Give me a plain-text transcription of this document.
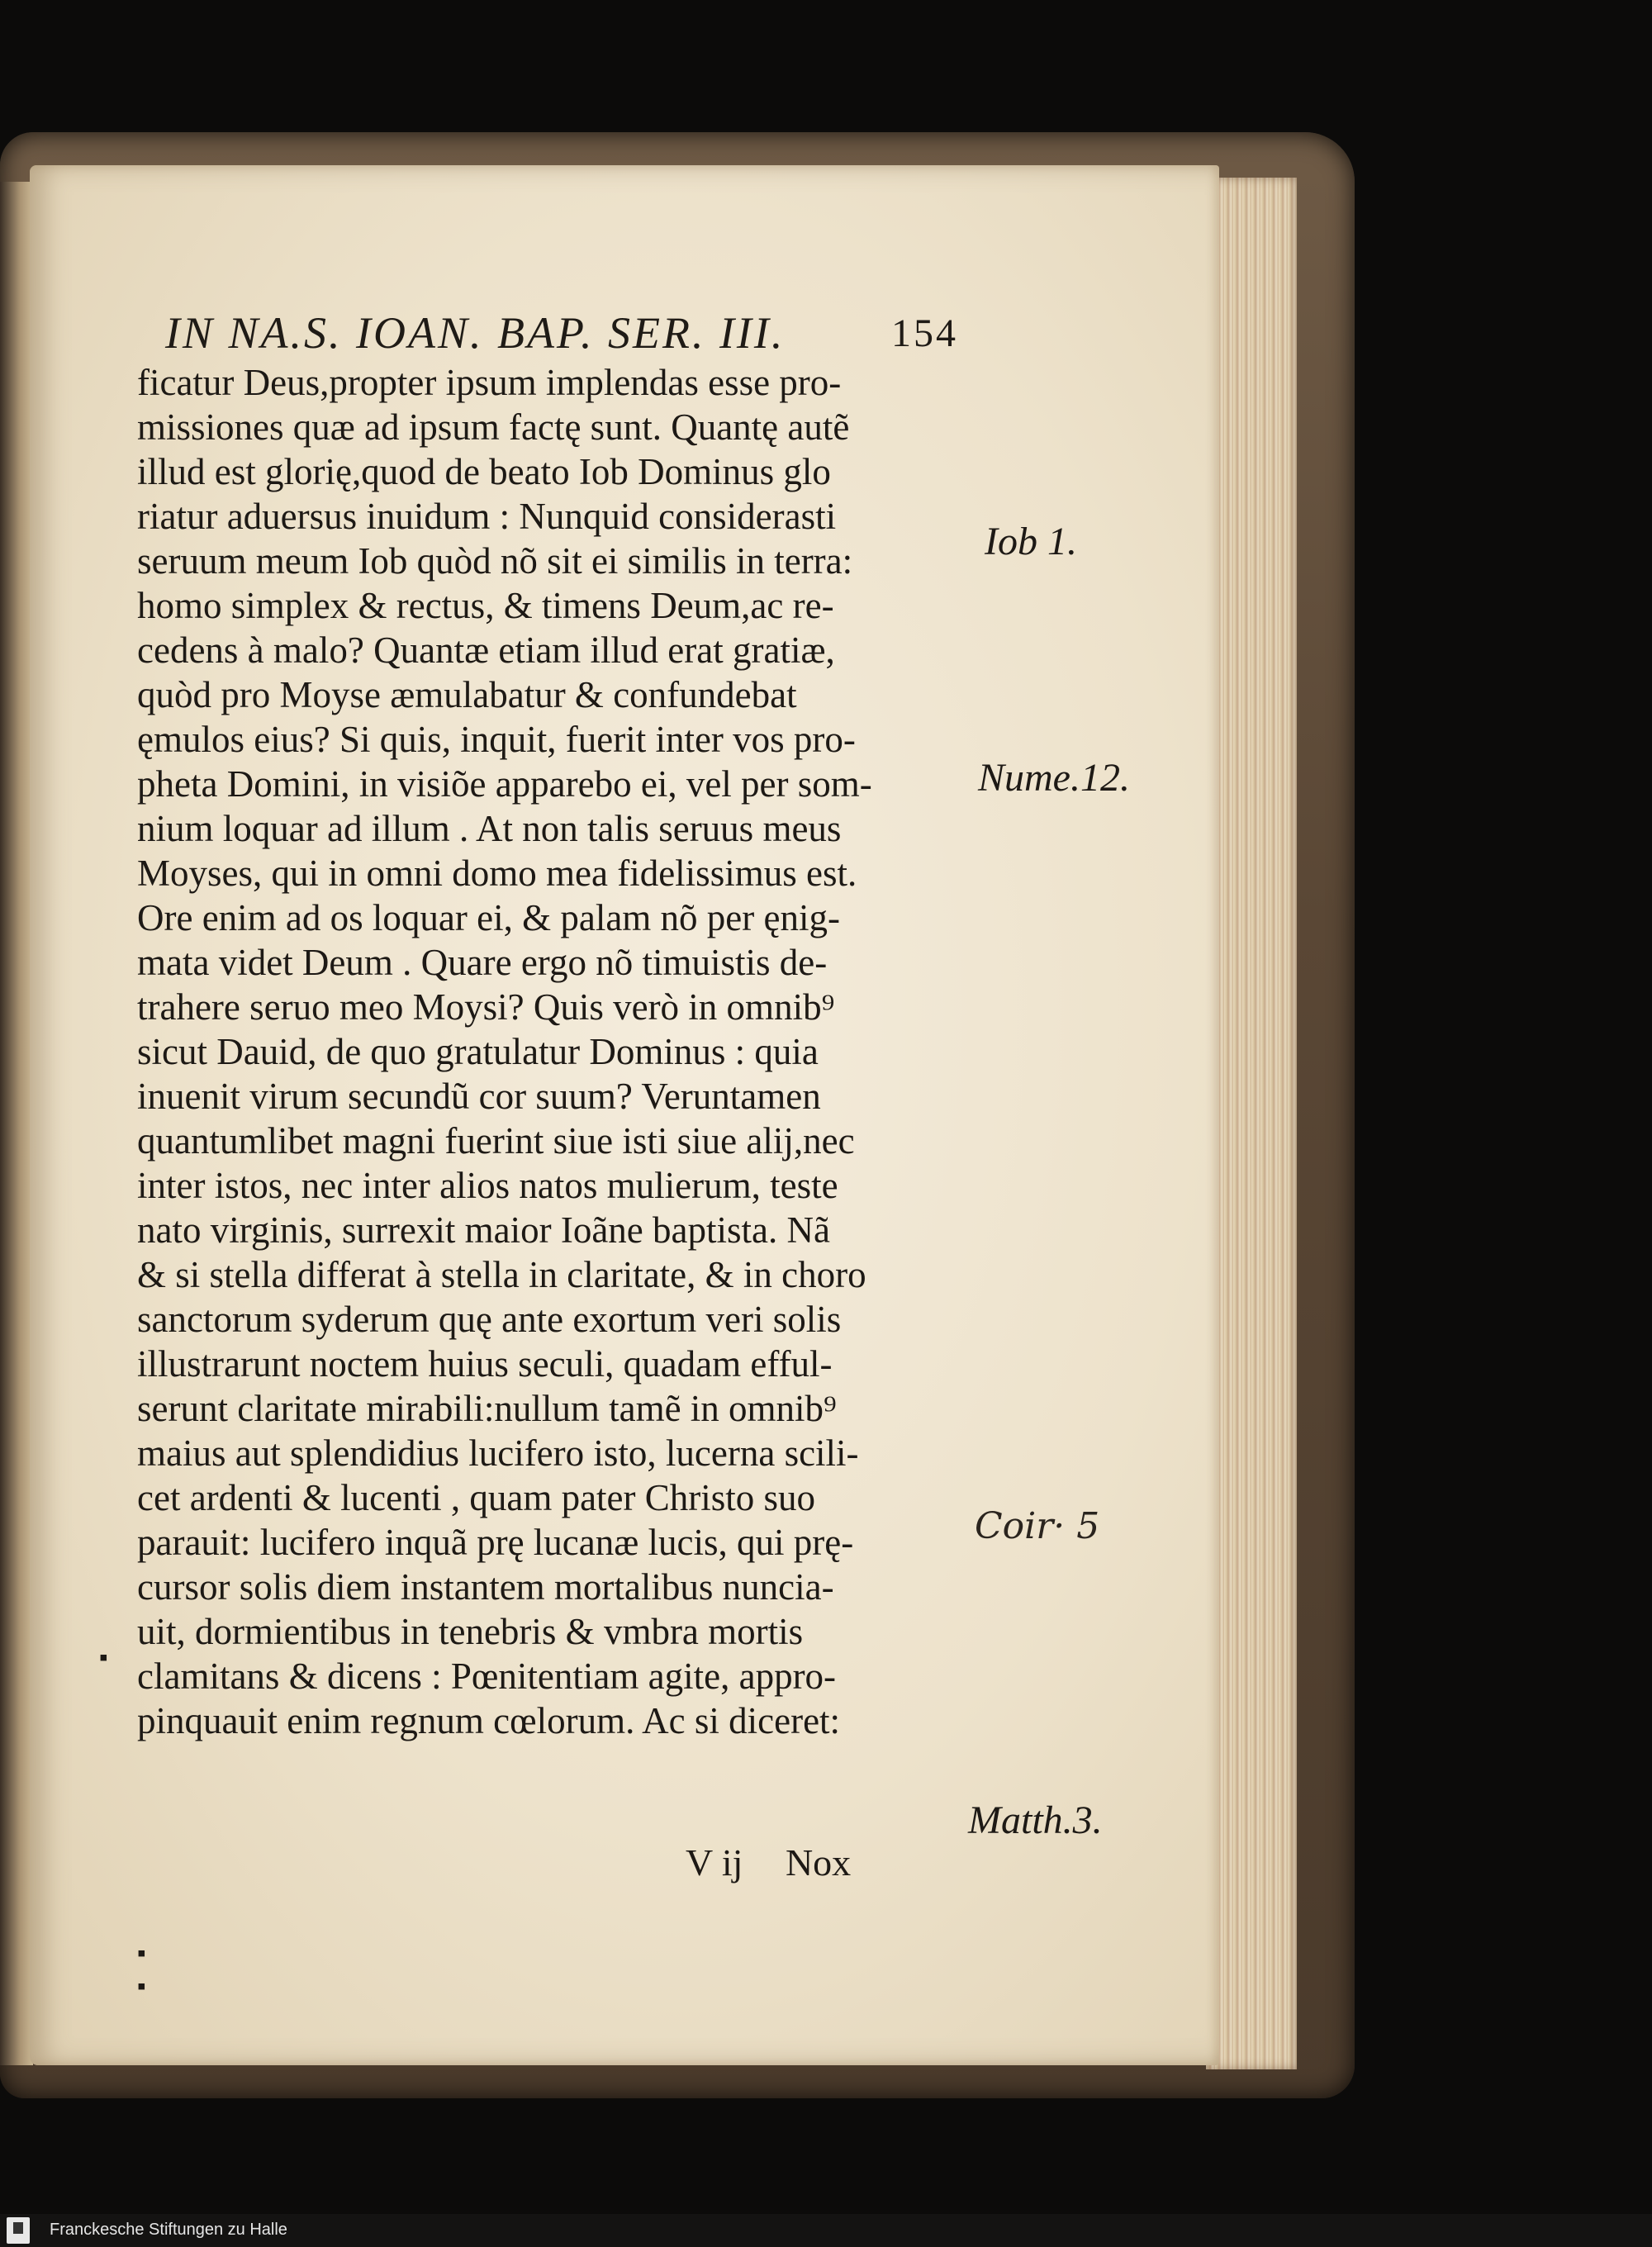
IN NA.S. IOAN. BAP. SER. III.	154
ficatur Deus,propter ipsum implendas esse pro-
missiones quæ ad ipsum factę sunt. Quantę autẽ
illud est glorię,quod de beato Iob Dominus glo
riatur aduersus inuidum : Nunquid considerasti
seruum meum Iob quòd nõ sit ei similis in terra:
homo simplex & rectus, & timens Deum,ac re-
cedens à malo? Quantæ etiam illud erat gratiæ,
quòd pro Moyse æmulabatur & confundebat
ęmulos eius? Si quis, inquit, fuerit inter vos pro-
pheta Domini, in visiõe apparebo ei, vel per som-
nium loquar ad illum . At non talis seruus meus
Moyses, qui in omni domo mea fidelissimus est.
Ore enim ad os loquar ei, & palam nõ per ęnig-
mata videt Deum . Quare ergo nõ timuistis de-
trahere seruo meo Moysi? Quis verò in omnib⁹
sicut Dauid, de quo gratulatur Dominus : quia
inuenit virum secundũ cor suum? Veruntamen
quantumlibet magni fuerint siue isti siue alij,nec
inter istos, nec inter alios natos mulierum, teste
nato virginis, surrexit maior Ioãne baptista. Nã
& si stella differat à stella in claritate, & in choro
sanctorum syderum quę ante exortum veri solis
illustrarunt noctem huius seculi, quadam efful-
serunt claritate mirabili:nullum tamẽ in omnib⁹
maius aut splendidius lucifero isto, lucerna scili-
cet ardenti & lucenti , quam pater Christo suo
parauit: lucifero inquã prę lucanæ lucis, qui prę-
cursor solis diem instantem mortalibus nuncia-
uit, dormientibus in tenebris & vmbra mortis
clamitans & dicens : Pœnitentiam agite, appro-
pinquauit enim regnum cœlorum. Ac si diceret:
Iob 1.
Nume.12.
Coir· 5
Matth.3.
V ij Nox
▪
▪
▪
Franckesche Stiftungen zu Halle
